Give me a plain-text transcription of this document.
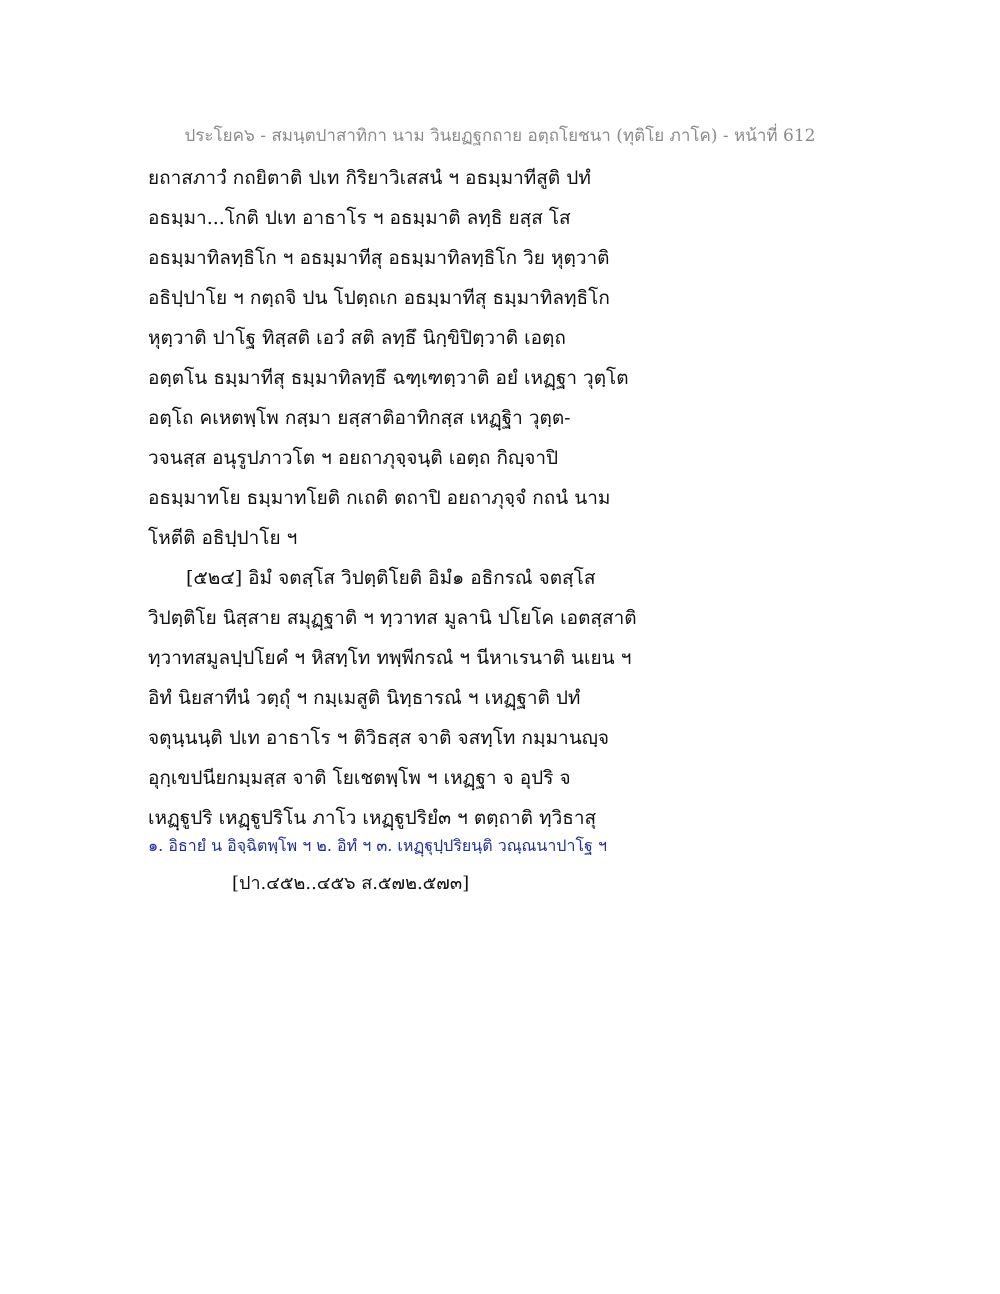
ประโยค๖ - สมนฺตปาสาทิกา นาม วินยฏฐกถาย อตฺถโยชนา (ทุติโย ภาโค) - หน้าที่ 612
ยถาสภาวํ กถยิตาติ ปเท กิริยาวิเสสนํ ฯ อธมฺมาทีสูติ ปทํ
อธมฺมา...โกติ ปเท อาธาโร ฯ อธมฺมาติ ลทฺธิ ยสฺส โส
อธมฺมาทิลทฺธิโก ฯ อธมฺมาทีสุ อธมฺมาทิลทฺธิโก วิย หุตฺวาติ
อธิปฺปาโย ฯ กตฺถจิ ปน โปตฺถเก อธมฺมาทีสุ ธมฺมาทิลทฺธิโก
หุตฺวาติ ปาโฐ ทิสฺสติ เอวํ สติ ลทฺธึ นิกฺขิปิตฺวาติ เอตฺถ
อตฺตโน ธมฺมาทีสุ ธมฺมาทิลทฺธึ ฉฑฺเฑตฺวาติ อยํ เหฏฺฐา วุตฺโต
อตฺโถ คเหตพฺโพ กสฺมา ยสฺสาติอาทิกสฺส เหฏฺฐิา วุตฺต-
วจนสฺส อนุรูปภาวโต ฯ อยถาภุจฺจนฺติ เอตฺถ กิญฺจาปิ
อธมฺมาทโย ธมฺมาทโยติ กเถติ ตถาปิ อยถาภุจฺจํ กถนํ นาม
โหตีติ อธิปฺปาโย ฯ
[๕๒๔] อิมํ จตสฺโส วิปตฺติโยติ อิมํ๑ อธิกรณํ จตสฺโส
วิปตฺติโย นิสฺสาย สมุฏฺฐาติ ฯ ทฺวาทส มูลานิ ปโยโค เอตสฺสาติ
ทฺวาทสมูลปฺปโยคํ ฯ หิสทฺโท ทพฺพีกรณํ ฯ นีหาเรนาติ นเยน ฯ
อิทํ นิยสาทีนํ วตฺถุํ ฯ กมฺเมสูติ นิทฺธารณํ ฯ เหฏฺฐาติ ปทํ
จตุนฺนนฺติ ปเท อาธาโร ฯ ติวิธสฺส จาติ จสทฺโท กมฺมานญฺจ
อุกฺเขปนียกมฺมสฺส จาติ โยเชตพฺโพ ฯ เหฏฺฐา จ อุปริ จ
เหฏฺฐูปริ เหฏฺฐูปริโน ภาโว เหฏฺฐูปริยํ๓ ฯ ตตฺถาติ ทฺวิธาสุ
๑. อิธายํ น อิจฺฉิตพฺโพ ฯ ๒. อิทํ ฯ ๓. เหฏฺฐุปฺปริยนฺติ วณฺณนาปาโฐ ฯ
[ปา.๔๕๒..๔๕๖ ส.๕๗๒.๕๗๓]
